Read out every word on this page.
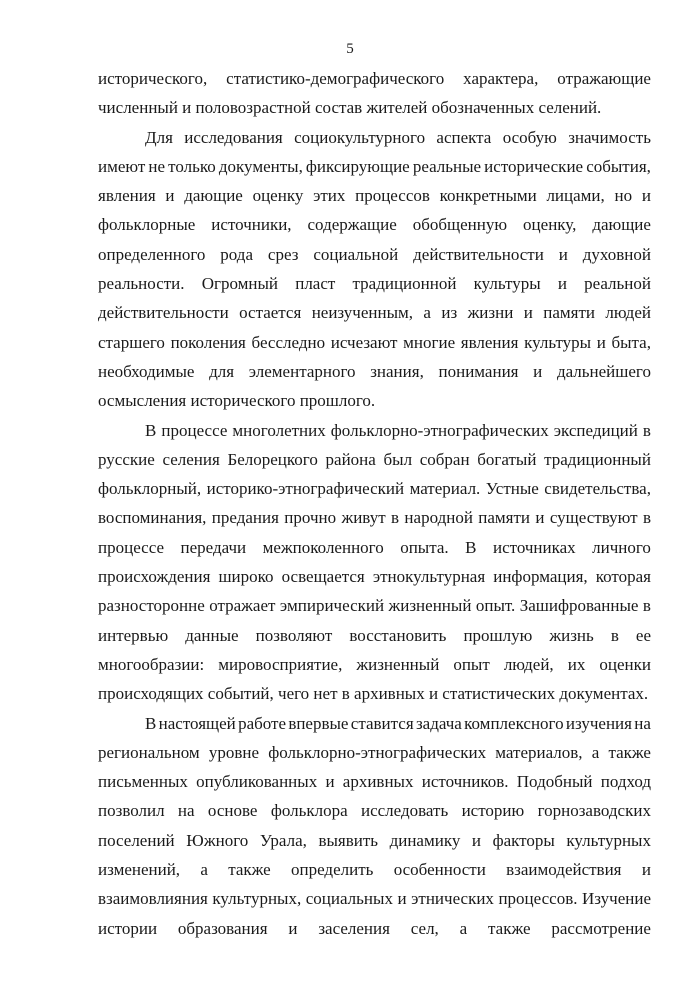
5
исторического, статистико-демографического характера, отражающие
численный и половозрастной состав жителей обозначенных селений.
Для исследования социокультурного аспекта особую значимость
имеют не только документы, фиксирующие реальные исторические события,
явления и дающие оценку этих процессов конкретными лицами, но и
фольклорные источники, содержащие обобщенную оценку, дающие
определенного рода срез социальной действительности и духовной
реальности. Огромный пласт традиционной культуры и реальной
действительности остается неизученным, а из жизни и памяти людей
старшего поколения бесследно исчезают многие явления культуры и быта,
необходимые для элементарного знания, понимания и дальнейшего
осмысления исторического прошлого.
В процессе многолетних фольклорно-этнографических экспедиций в
русские селения Белорецкого района был собран богатый традиционный
фольклорный, историко-этнографический материал. Устные свидетельства,
воспоминания, предания прочно живут в народной памяти и существуют в
процессе передачи межпоколенного опыта. В источниках личного
происхождения широко освещается этнокультурная информация, которая
разносторонне отражает эмпирический жизненный опыт. Зашифрованные в
интервью данные позволяют восстановить прошлую жизнь в ее
многообразии: мировосприятие, жизненный опыт людей, их оценки
происходящих событий, чего нет в архивных и статистических документах.
В настоящей работе впервые ставится задача комплексного изучения на
региональном уровне фольклорно-этнографических материалов, а также
письменных опубликованных и архивных источников. Подобный подход
позволил на основе фольклора исследовать историю горнозаводских
поселений Южного Урала, выявить динамику и факторы культурных
изменений, а также определить особенности взаимодействия и
взаимовлияния культурных, социальных и этнических процессов. Изучение
истории образования и заселения сел, а также рассмотрение
